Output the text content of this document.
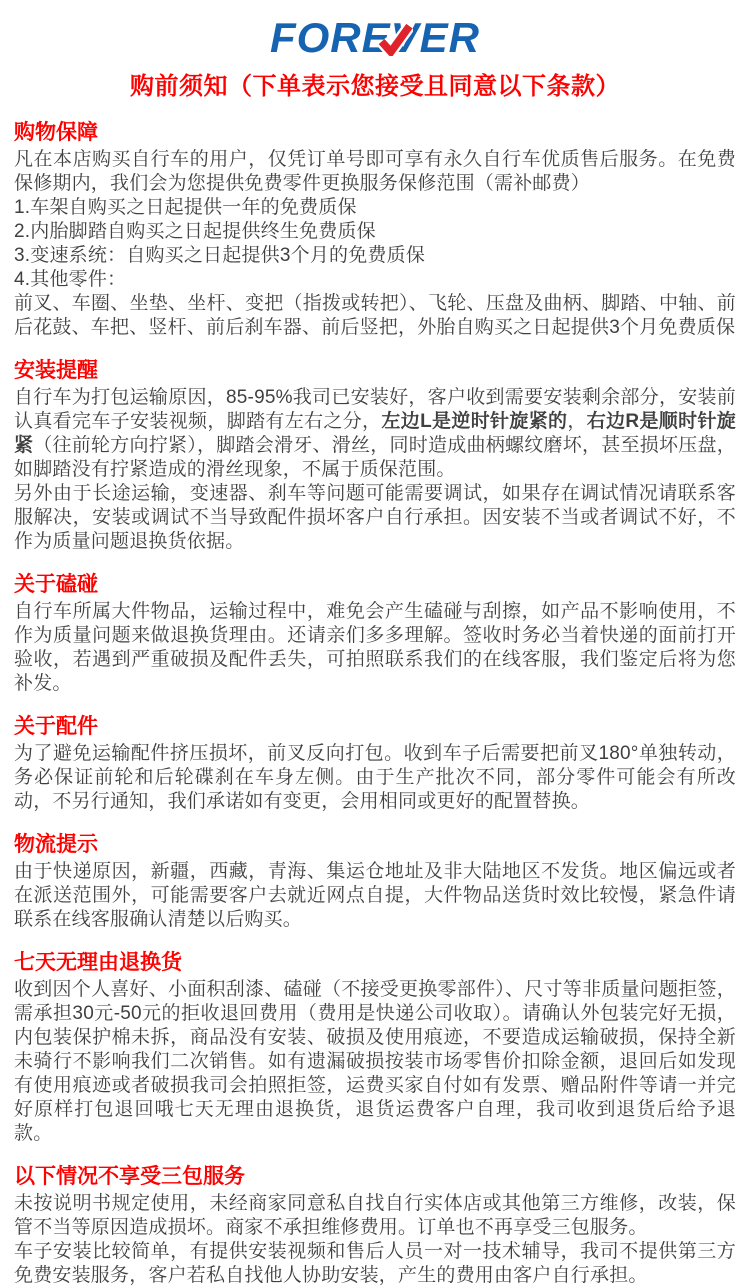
FOREV
ER
购前须知（下单表示您接受且同意以下条款）
购物保障

凡在本店购买自行车的用户，仅凭订单号即可享有永久自行车优质售后服务。在免费保修期内，我们会为您提供免费零件更换服务保修范围（需补邮费）

1.车架自购买之日起提供一年的免费质保

2.内胎脚踏自购买之日起提供终生免费质保

3.变速系统：自购买之日起提供3个月的免费质保

4.其他零件：

前叉、车圈、坐垫、坐杆、变把（指拨或转把）、飞轮、压盘及曲柄、脚踏、中轴、前后花鼓、车把、竖杆、前后刹车器、前后竖把，外胎自购买之日起提供3个月免费质保

安装提醒

自行车为打包运输原因，85-95%我司已安装好，客户收到需要安装剩余部分，安装前认真看完车子安装视频，脚踏有左右之分，左边L是逆时针旋紧的，右边R是顺时针旋紧（往前轮方向拧紧），脚踏会滑牙、滑丝，同时造成曲柄螺纹磨坏，甚至损坏压盘，如脚踏没有拧紧造成的滑丝现象，不属于质保范围。

另外由于长途运输，变速器、刹车等问题可能需要调试，如果存在调试情况请联系客服解决，安装或调试不当导致配件损坏客户自行承担。因安装不当或者调试不好，不作为质量问题退换货依据。

关于磕碰

自行车所属大件物品，运输过程中，难免会产生磕碰与刮擦，如产品不影响使用，不作为质量问题来做退换货理由。还请亲们多多理解。签收时务必当着快递的面前打开验收，若遇到严重破损及配件丢失，可拍照联系我们的在线客服，我们鉴定后将为您补发。

关于配件

为了避免运输配件挤压损坏，前叉反向打包。收到车子后需要把前叉180°单独转动，务必保证前轮和后轮碟刹在车身左侧。由于生产批次不同，部分零件可能会有所改动，不另行通知，我们承诺如有变更，会用相同或更好的配置替换。

物流提示

由于快递原因，新疆，西藏，青海、集运仓地址及非大陆地区不发货。地区偏远或者在派送范围外，可能需要客户去就近网点自提，大件物品送货时效比较慢，紧急件请联系在线客服确认清楚以后购买。

七天无理由退换货

收到因个人喜好、小面积刮漆、磕碰（不接受更换零部件）、尺寸等非质量问题拒签，需承担30元-50元的拒收退回费用（费用是快递公司收取）。请确认外包装完好无损，内包装保护棉未拆，商品没有安装、破损及使用痕迹，不要造成运输破损，保持全新未骑行不影响我们二次销售。如有遗漏破损按装市场零售价扣除金额，退回后如发现有使用痕迹或者破损我司会拍照拒签，运费买家自付如有发票、赠品附件等请一并完好原样打包退回哦七天无理由退换货，退货运费客户自理，我司收到退货后给予退款。

以下情况不享受三包服务

未按说明书规定使用，未经商家同意私自找自行实体店或其他第三方维修，改装，保管不当等原因造成损坏。商家不承担维修费用。订单也不再享受三包服务。

车子安装比较简单，有提供安装视频和售后人员一对一技术辅导，我司不提供第三方免费安装服务，客户若私自找他人协助安装，产生的费用由客户自行承担。
